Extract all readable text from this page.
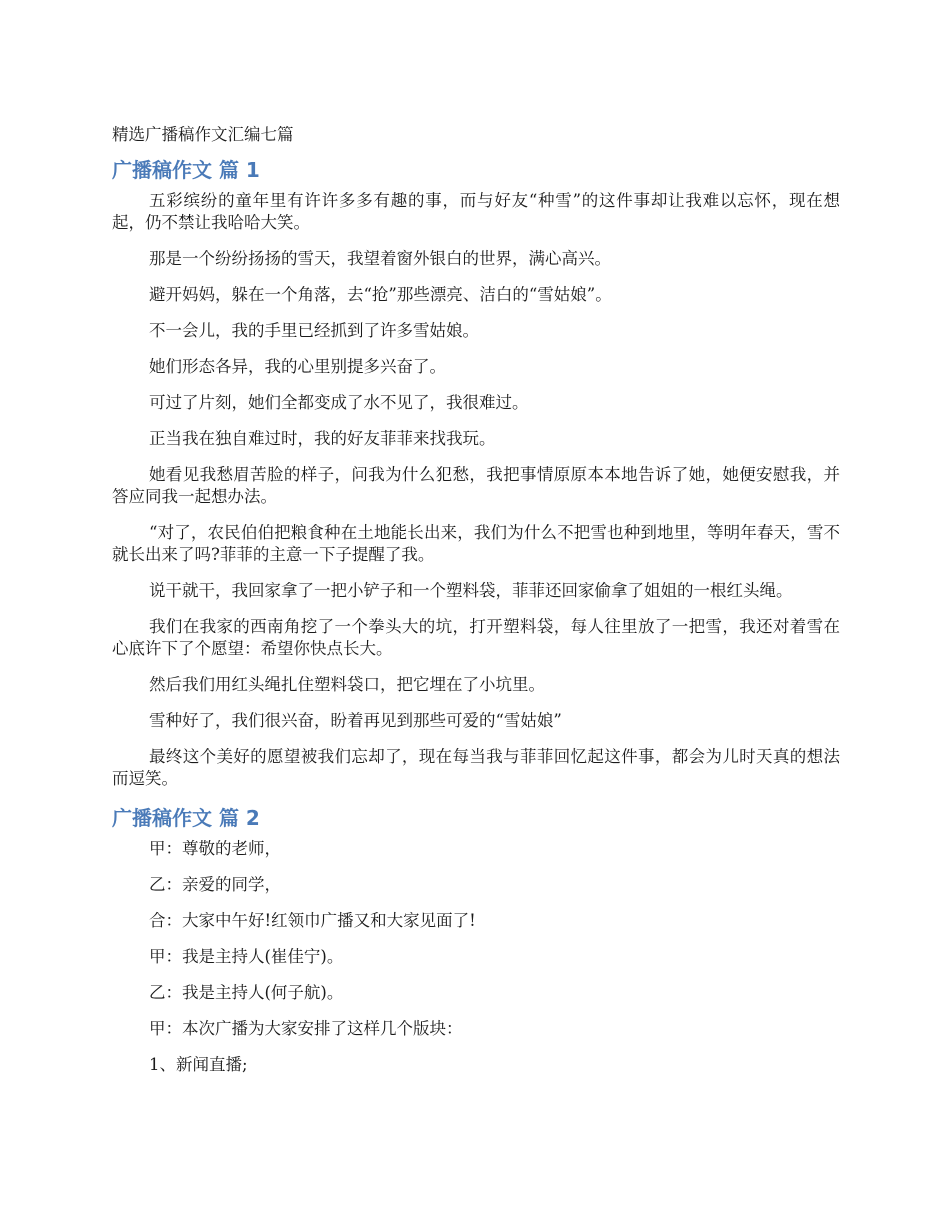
精选广播稿作文汇编七篇
广播稿作文 篇 1

五彩缤纷的童年里有许许多多有趣的事，而与好友“种雪”的这件事却让我难以忘怀，现在想起，仍不禁让我哈哈大笑。

那是一个纷纷扬扬的雪天，我望着窗外银白的世界，满心高兴。

避开妈妈，躲在一个角落，去“抢”那些漂亮、洁白的“雪姑娘”。

不一会儿，我的手里已经抓到了许多雪姑娘。

她们形态各异，我的心里别提多兴奋了。

可过了片刻，她们全都变成了水不见了，我很难过。

正当我在独自难过时，我的好友菲菲来找我玩。

她看见我愁眉苦脸的样子，问我为什么犯愁，我把事情原原本本地告诉了她，她便安慰我，并答应同我一起想办法。

“对了，农民伯伯把粮食种在土地能长出来，我们为什么不把雪也种到地里，等明年春天，雪不就长出来了吗?菲菲的主意一下子提醒了我。

说干就干，我回家拿了一把小铲子和一个塑料袋，菲菲还回家偷拿了姐姐的一根红头绳。

我们在我家的西南角挖了一个拳头大的坑，打开塑料袋，每人往里放了一把雪，我还对着雪在心底许下了个愿望：希望你快点长大。

然后我们用红头绳扎住塑料袋口，把它埋在了小坑里。

雪种好了，我们很兴奋，盼着再见到那些可爱的“雪姑娘”

最终这个美好的愿望被我们忘却了，现在每当我与菲菲回忆起这件事，都会为儿时天真的想法而逗笑。

广播稿作文 篇 2

甲：尊敬的老师，

乙：亲爱的同学，

合：大家中午好!红领巾广播又和大家见面了!

甲：我是主持人(崔佳宁)。

乙：我是主持人(何子航)。

甲：本次广播为大家安排了这样几个版块：

1、新闻直播;
